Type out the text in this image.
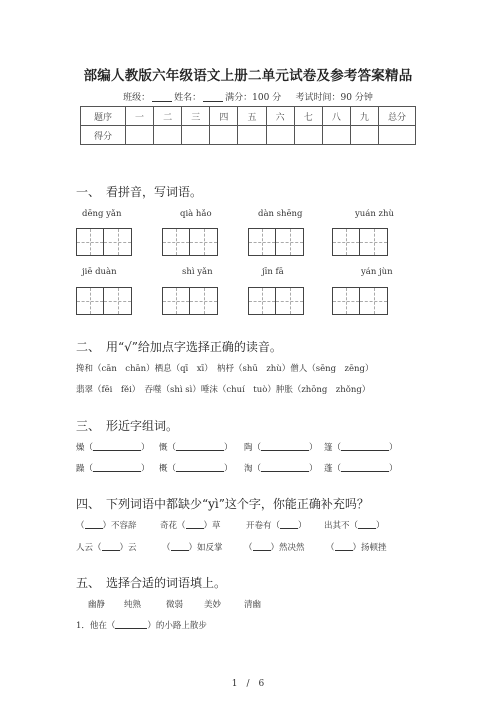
部编人教版六年级语文上册二单元试卷及参考答案精品
班级：	姓名：	满分：100 分 考试时间：90 分钟
题序	一	二	三	四	五	六	七	八	九	总分
得分										
一、　看拼音，写词语。
dēng yǎn	qià hǎo	dàn shēng	yuán zhù
jiē duàn	shì yǎn	jīn fā	yán jùn
二、　用“√”给加点字选择正确的读音。
搀和（cān　chān）栖息（qī　xī）　枘杼（shū　zhù）僧人（sēng　zēng）
翡翠（fēi　fěi）　吞噬（shì sì）唾沫（chuí　tuò）肿胀（zhōng　zhǒng）
三、　形近字组词。
燥（	） 慨（	） 陶（	） 篷（	）
躁（	） 概（	） 淘（	） 蓬（	）
四、　下列词语中都缺少“yì”这个字，你能正确补充吗？
（ ）不容辞	奇花（ ）草	开卷有（ ） 出其不（ ）
人云（ ）云	（ ）如反掌	（ ）然决然	（ ）扬顿挫
五、　选择合适的词语填上。
幽静 纯熟	微弱 美妙	清幽
1．他在（	）的小路上散步
1　/　6
